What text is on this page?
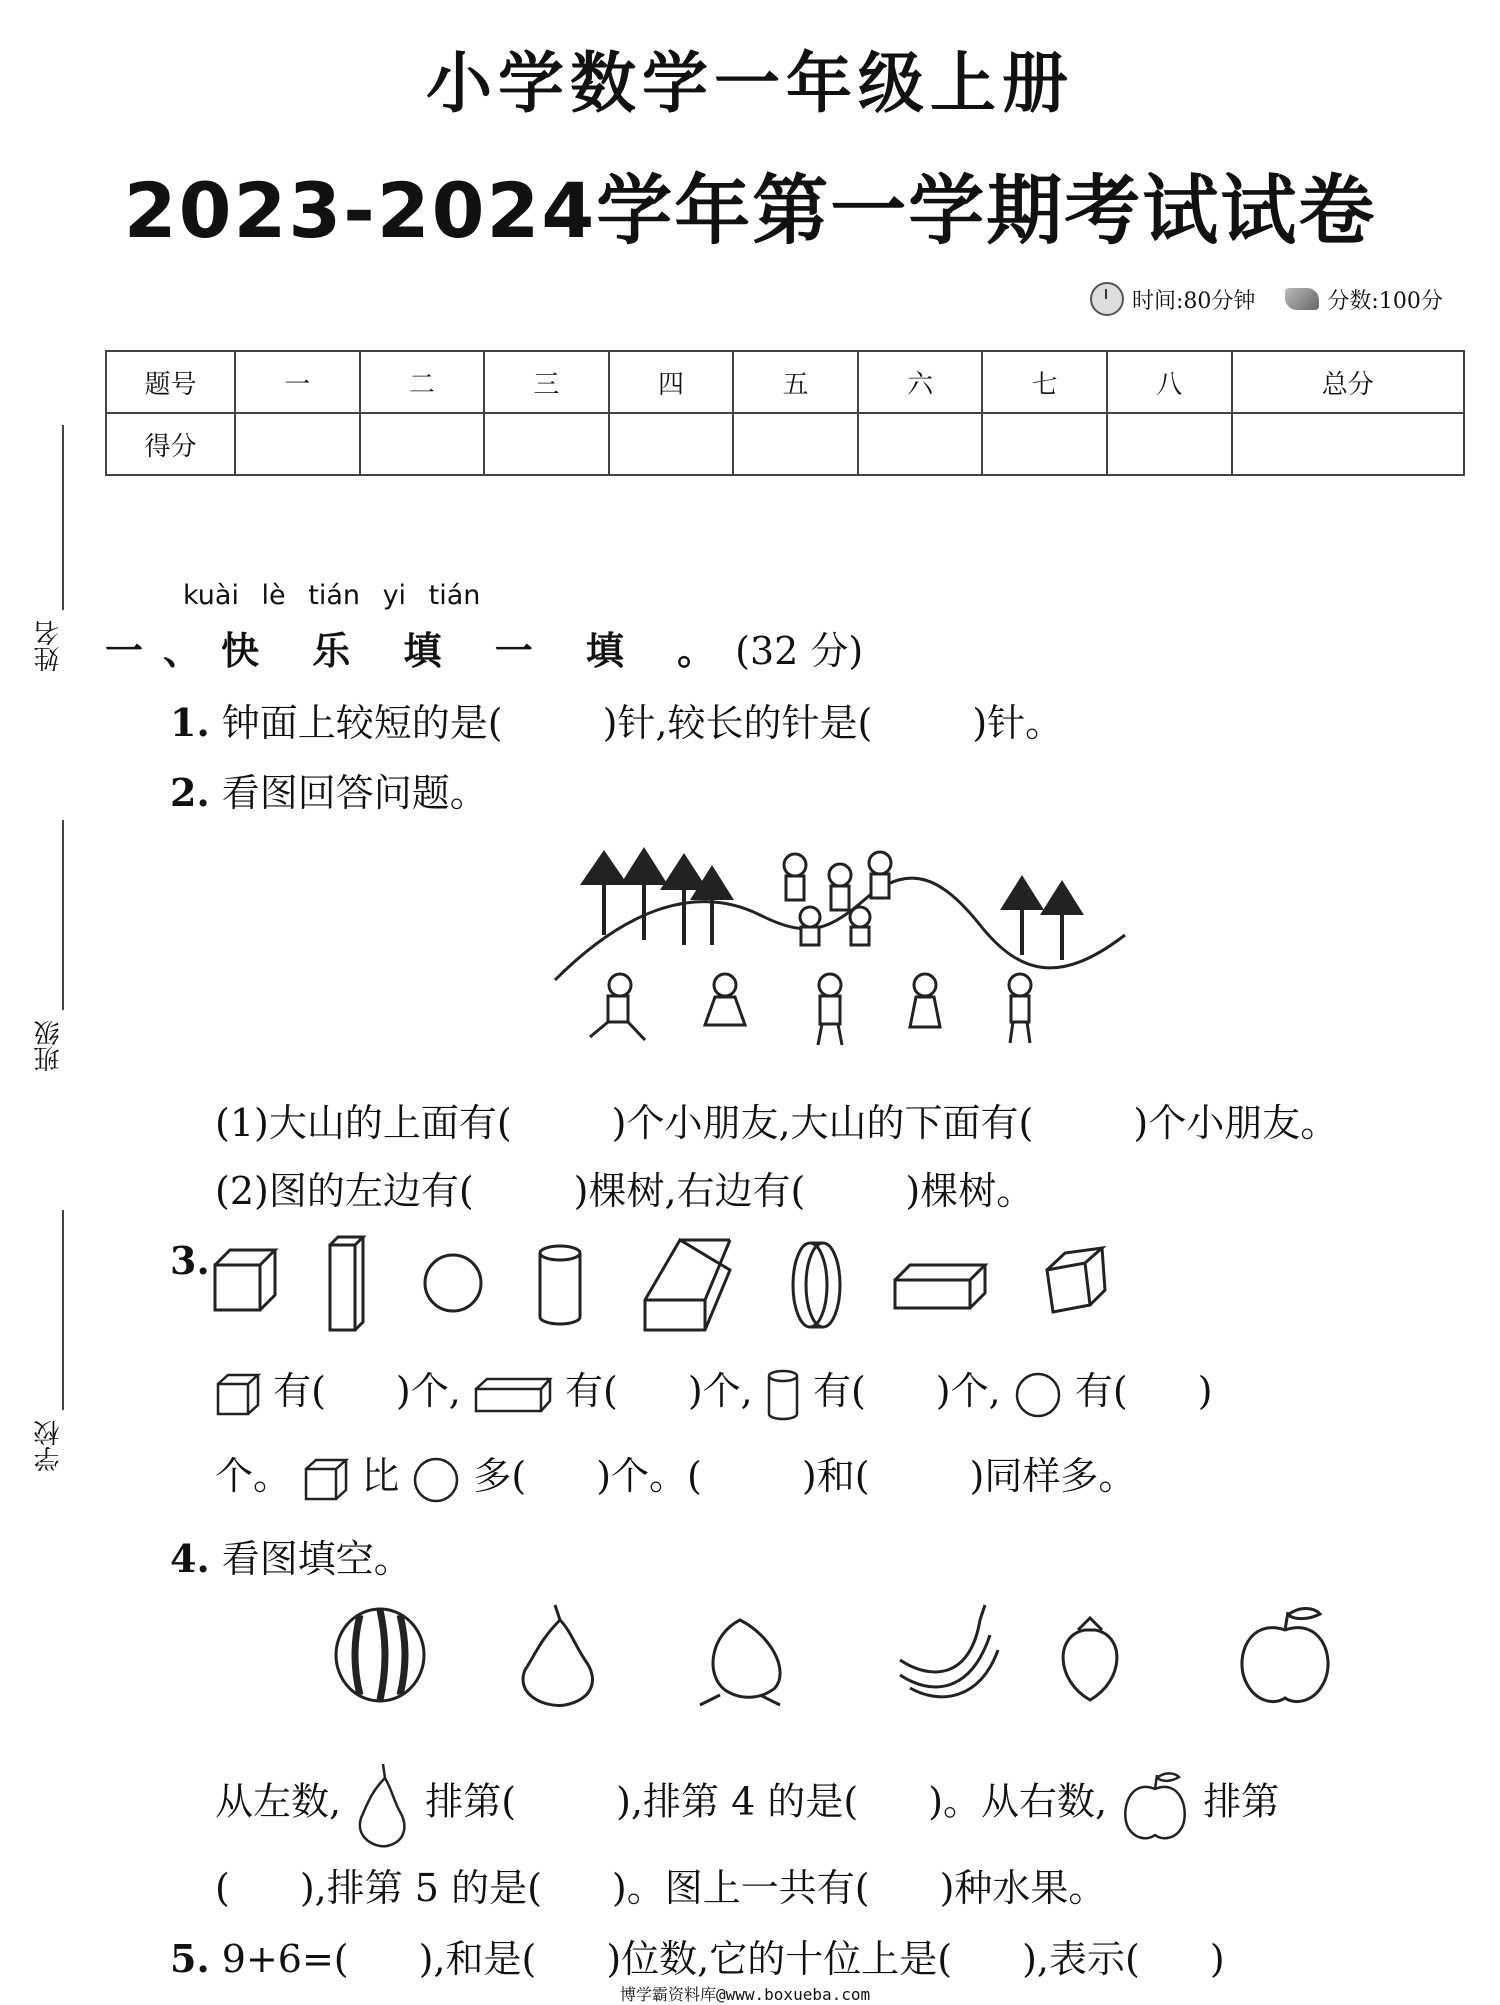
小学数学一年级上册
2023-2024学年第一学期考试试卷
时间:80分钟	分数:100分
题号	一	二	三	四	五	六	七	八	总分
得分									
姓名
班级
学校
kuài lè tián yi tián
一、快 乐 填 一 填 。(32 分)
1. 钟面上较短的是(	)针,较长的针是(	)针。
2. 看图回答问题。
(1)大山的上面有(	)个小朋友,大山的下面有(	)个小朋友。
(2)图的左边有(	)棵树,右边有(	)棵树。
3.
有( )个,	有( )个, 有( )个, 有( )
个。 比 多( )个。(	)和(	)同样多。
4. 看图填空。
从左数, 排第(	),排第 4 的是( )。从右数,	排第
( ),排第 5 的是( )。图上一共有( )种水果。
5. 9+6=( ),和是( )位数,它的十位上是( ),表示( )
博学霸资料库@www.boxueba.com
